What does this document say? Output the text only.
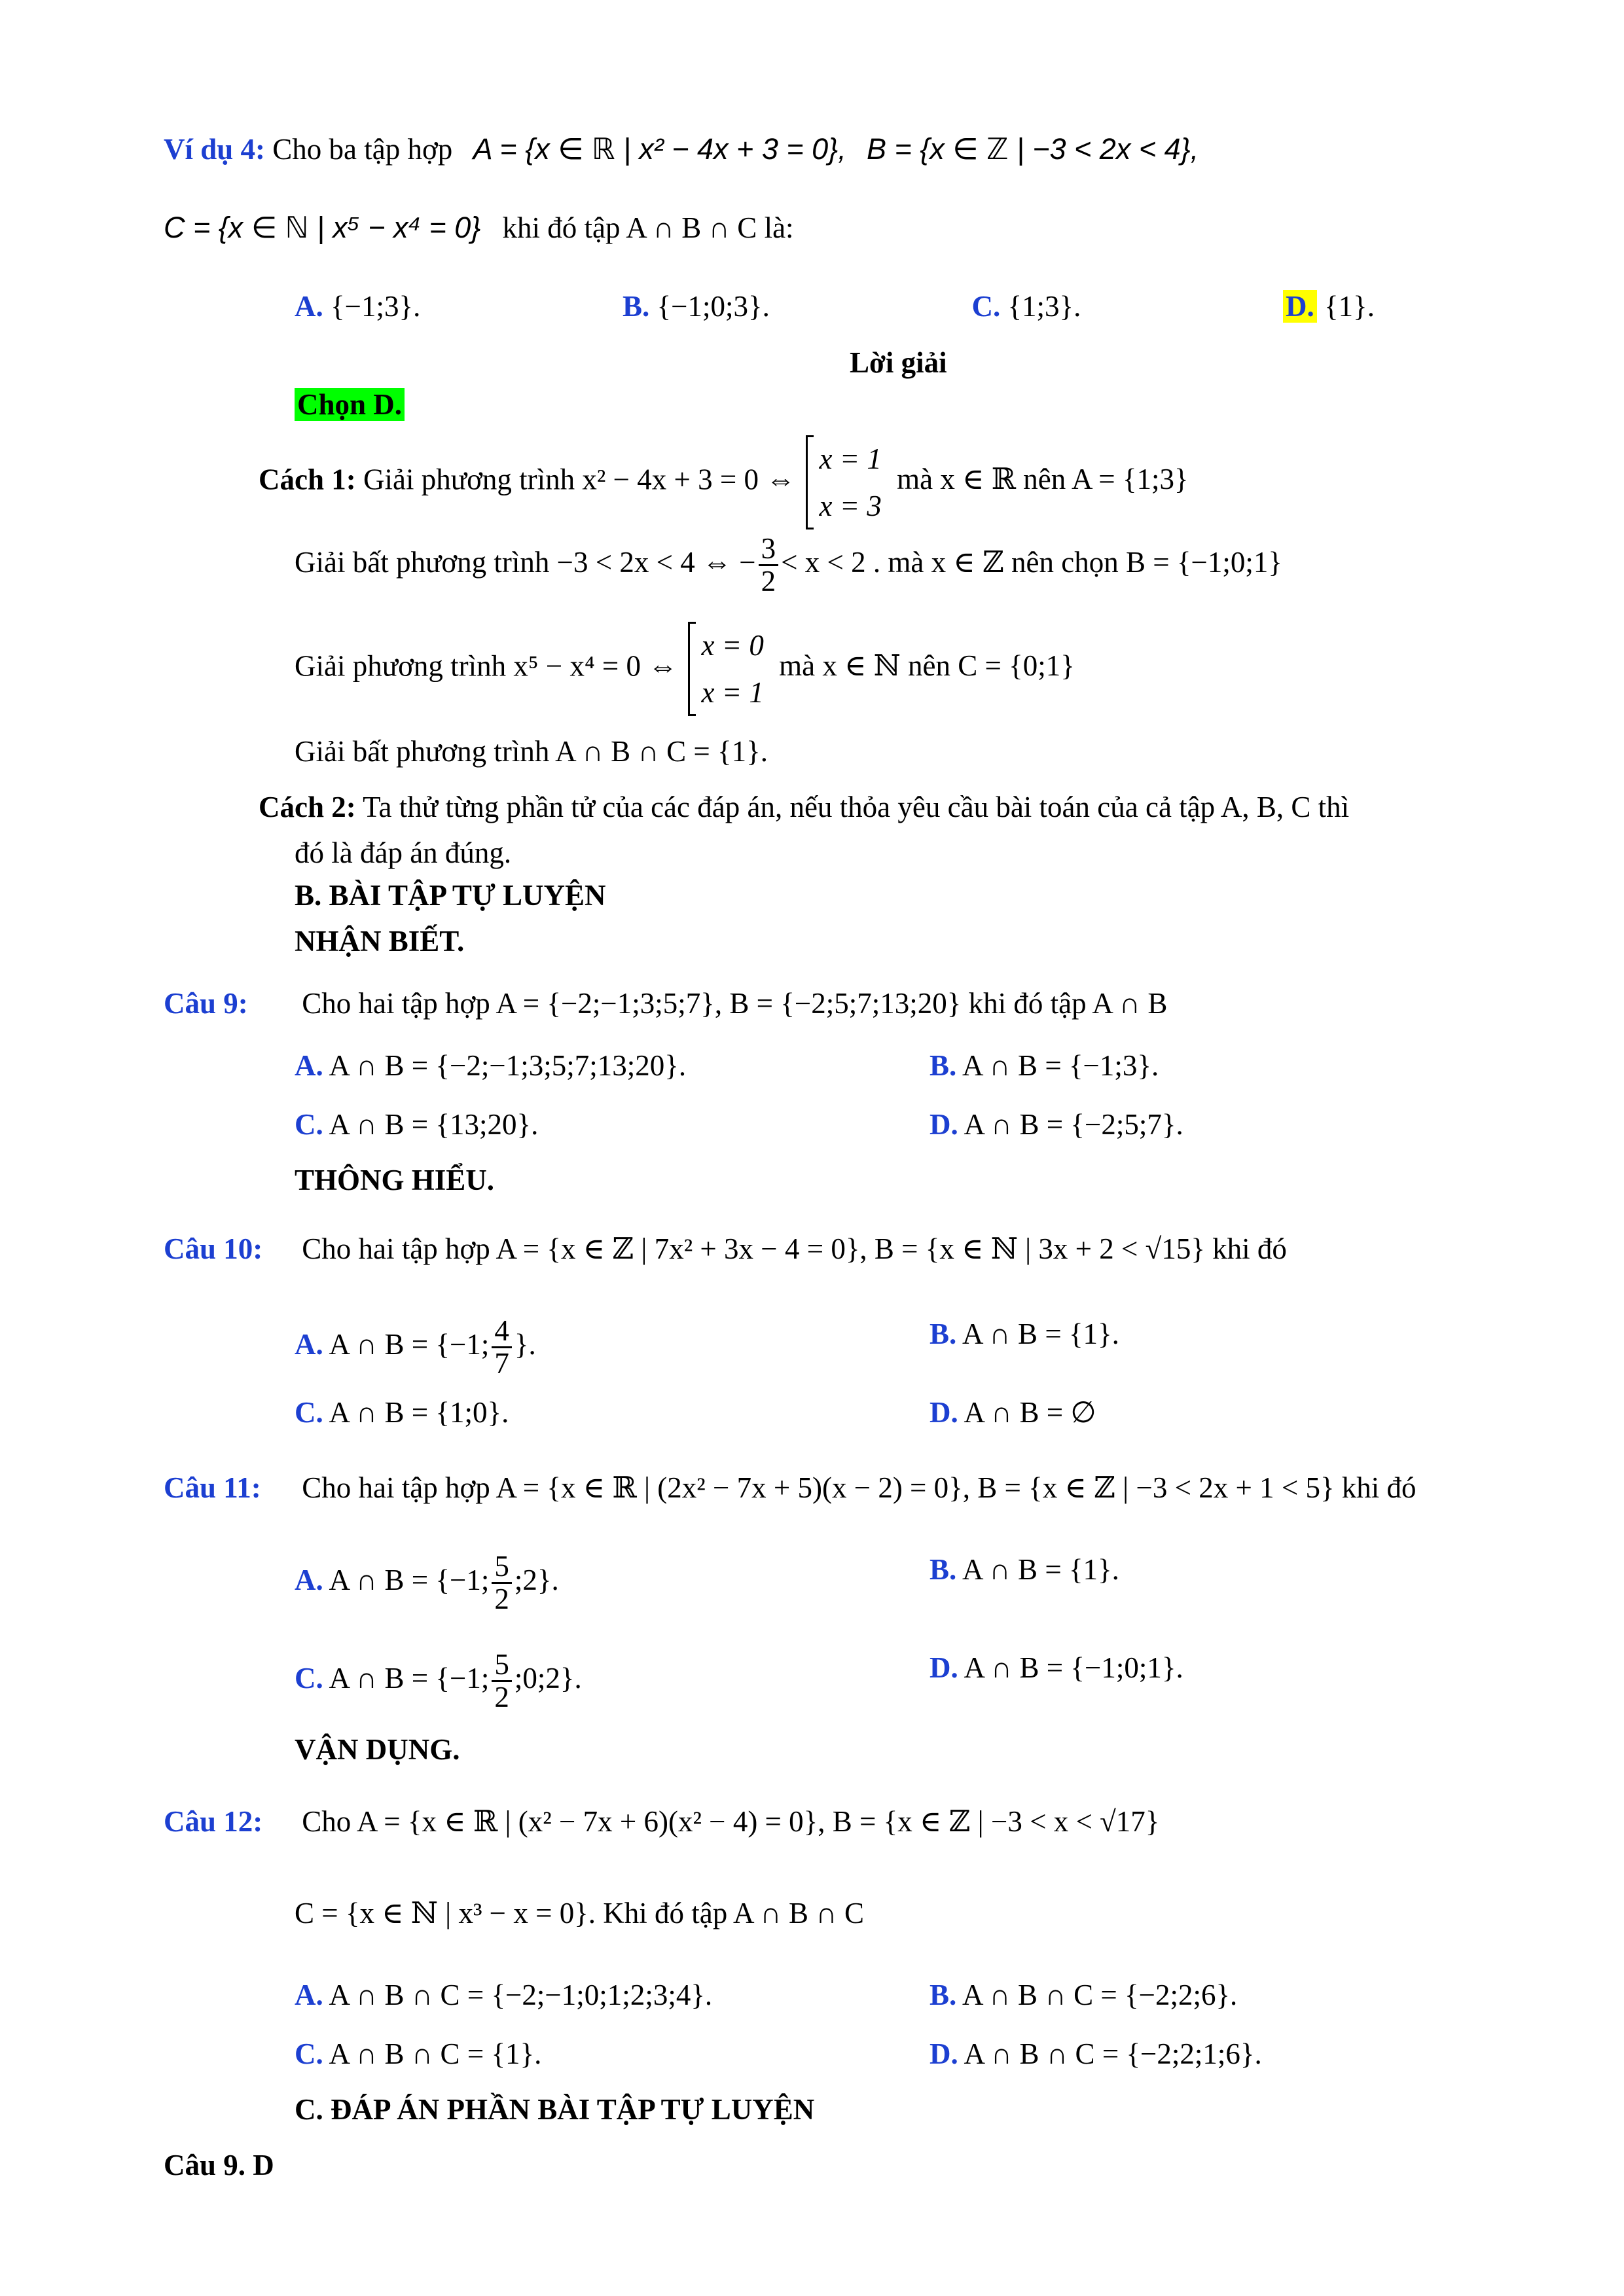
Ví dụ 4: Cho ba tập hợp A = {x ∈ ℝ | x² − 4x + 3 = 0}, B = {x ∈ ℤ | −3 < 2x < 4},
C = {x ∈ ℕ | x⁵ − x⁴ = 0} khi đó tập A ∩ B ∩ C là:
A. {−1;3}.	B. {−1;0;3}.	C. {1;3}.	D. {1}.
Lời giải
Chọn D.
Cách 1: Giải phương trình x² − 4x + 3 = 0 ⇔
x = 1
x = 3
mà x ∈ ℝ nên A = {1;3}
Giải bất phương trình −3 < 2x < 4 ⇔ − $\frac{3}{2} < x < 2$ . mà x ∈ ℤ nên chọn B = {−1;0;1}
Giải phương trình x⁵ − x⁴ = 0 ⇔
x = 0
x = 1
mà x ∈ ℕ nên C = {0;1}
Giải bất phương trình A ∩ B ∩ C = {1}.
Cách 2: Ta thử từng phần tử của các đáp án, nếu thỏa yêu cầu bài toán của cả tập A, B, C thì
đó là đáp án đúng.
B. BÀI TẬP TỰ LUYỆN
NHẬN BIẾT.
Câu 9: Cho hai tập hợp A = {−2;−1;3;5;7}, B = {−2;5;7;13;20} khi đó tập A ∩ B
A. A ∩ B = {−2;−1;3;5;7;13;20}.	B. A ∩ B = {−1;3}.
C. A ∩ B = {13;20}.	D. A ∩ B = {−2;5;7}.
THÔNG HIỂU.
Câu 10: Cho hai tập hợp A = {x ∈ ℤ | 7x² + 3x − 4 = 0}, B = {x ∈ ℕ | 3x + 2 < √15} khi đó
A. A ∩ B = {−1; $\frac{4}{7}$ }.	B. A ∩ B = {1}.
C. A ∩ B = {1;0}.	D. A ∩ B = ∅
Câu 11: Cho hai tập hợp A = {x ∈ ℝ | (2x² − 7x + 5)(x − 2) = 0}, B = {x ∈ ℤ | −3 < 2x + 1 < 5} khi đó
A. A ∩ B = {−1; $\frac{5}{2}$ ;2}.	B. A ∩ B = {1}.
C. A ∩ B = {−1; $\frac{5}{2}$ ;0;2}.	D. A ∩ B = {−1;0;1}.
VẬN DỤNG.
Câu 12: Cho A = {x ∈ ℝ | (x² − 7x + 6)(x² − 4) = 0}, B = {x ∈ ℤ | −3 < x < √17}
C = {x ∈ ℕ | x³ − x = 0}. Khi đó tập A ∩ B ∩ C
A. A ∩ B ∩ C = {−2;−1;0;1;2;3;4}.	B. A ∩ B ∩ C = {−2;2;6}.
C. A ∩ B ∩ C = {1}.	D. A ∩ B ∩ C = {−2;2;1;6}.
C. ĐÁP ÁN PHẦN BÀI TẬP TỰ LUYỆN
Câu 9. D
